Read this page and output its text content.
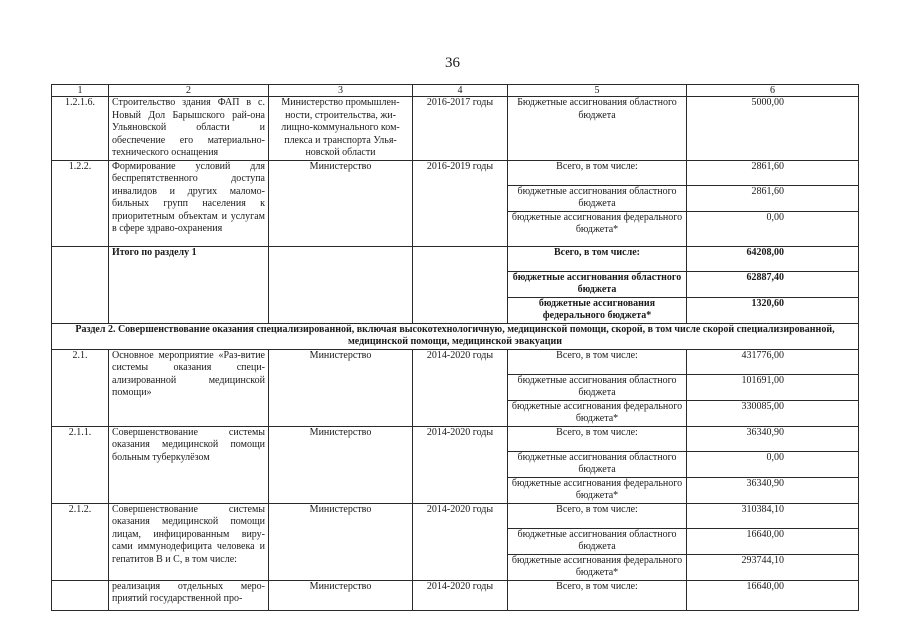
36
1	2	3	4	5	6
1.2.1.6.	Строительство здания ФАП в с. Новый Дол Барышского рай-она Ульяновской области и обеспечение его материально-технического оснащения	Министерство промышлен-ности, строительства, жи-лищно-коммунального ком-плекса и транспорта Улья-новской области	2016-2017 годы	Бюджетные ассигнования областного бюджета	5000,00
1.2.2.	Формирование условий для беспрепятственного доступа инвалидов и других маломо-бильных групп населения к приоритетным объектам и услугам в сфере здраво-охранения	Министерство	2016-2019 годы	Всего, в том числе:	2861,60
				бюджетные ассигнования областного бюджета	2861,60
				бюджетные ассигнования федерального бюджета*	0,00
	Итого по разделу 1			Всего, в том числе:	64208,00
				бюджетные ассигнования областного бюджета	62887,40
				бюджетные ассигнования федерального бюджета*	1320,60
Раздел 2. Совершенствование оказания специализированной, включая высокотехнологичную, медицинской помощи, скорой, в том числе скорой специализированной, медицинской помощи, медицинской эвакуации					
2.1.	Основное мероприятие «Раз-витие системы оказания специ-ализированной медицинской помощи»	Министерство	2014-2020 годы	Всего, в том числе:	431776,00
				бюджетные ассигнования областного бюджета	101691,00
				бюджетные ассигнования федерального бюджета*	330085,00
2.1.1.	Совершенствование системы оказания медицинской помощи больным туберкулёзом	Министерство	2014-2020 годы	Всего, в том числе:	36340,90
				бюджетные ассигнования областного бюджета	0,00
				бюджетные ассигнования федерального бюджета*	36340,90
2.1.2.	Совершенствование системы оказания медицинской помощи лицам, инфицированным виру-сами иммунодефицита человека и гепатитов В и С, в том числе:	Министерство	2014-2020 годы	Всего, в том числе:	310384,10
				бюджетные ассигнования областного бюджета	16640,00
				бюджетные ассигнования федерального бюджета*	293744,10
	реализация отдельных меро-приятий государственной про-	Министерство	2014-2020 годы	Всего, в том числе:	16640,00
